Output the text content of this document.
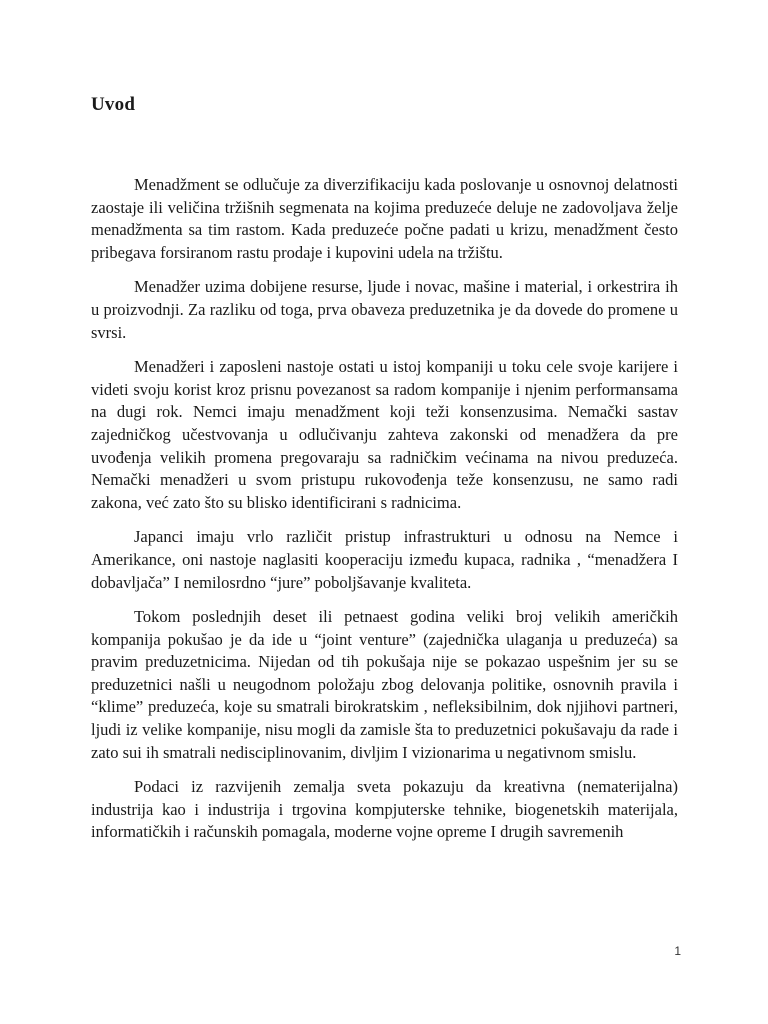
Uvod

Menadžment se odlučuje za diverzifikaciju kada poslovanje u osnovnoj delatnosti zaostaje ili veličina tržišnih segmenata na kojima preduzeće deluje ne zadovoljava želje menadžmenta sa tim rastom. Kada preduzeće počne padati u krizu, menadžment često pribegava forsiranom rastu prodaje i kupovini udela na tržištu.

Menadžer uzima dobijene resurse, ljude i novac, mašine i material, i orkestrira ih u proizvodnji. Za razliku od toga, prva obaveza preduzetnika je da dovede do promene u svrsi.

Menadžeri i zaposleni nastoje ostati u istoj kompaniji u toku cele svoje karijere i videti svoju korist kroz prisnu povezanost sa radom kompanije i njenim performansama na dugi rok. Nemci imaju menadžment koji teži konsenzusima. Nemački sastav zajedničkog učestvovanja u odlučivanju zahteva zakonski od menadžera da pre uvođenja velikih promena pregovaraju sa radničkim većinama na nivou preduzeća. Nemački menadžeri u svom pristupu rukovođenja teže konsenzusu, ne samo radi zakona, već zato što su blisko identificirani s radnicima.

Japanci imaju vrlo različit pristup infrastrukturi u odnosu na Nemce i Amerikance, oni nastoje naglasiti kooperaciju između kupaca, radnika , “menadžera I dobavljača” I nemilosrdno “jure” poboljšavanje kvaliteta.

Tokom poslednjih deset ili petnaest godina veliki broj velikih američkih kompanija pokušao je da ide u “joint venture” (zajednička ulaganja u preduzeća) sa pravim preduzetnicima. Nijedan od tih pokušaja nije se pokazao uspešnim jer su se preduzetnici našli u neugodnom položaju zbog delovanja politike, osnovnih pravila i “klime” preduzeća, koje su smatrali birokratskim , nefleksibilnim, dok njjihovi partneri, ljudi iz velike kompanije, nisu mogli da zamisle šta to preduzetnici pokušavaju da rade i zato sui ih smatrali nedisciplinovanim, divljim I vizionarima u negativnom smislu.

Podaci iz razvijenih zemalja sveta pokazuju da kreativna (nematerijalna) industrija kao i industrija i trgovina kompjuterske tehnike, biogenetskih materijala, informatičkih i računskih pomagala, moderne vojne opreme I drugih savremenih

1
